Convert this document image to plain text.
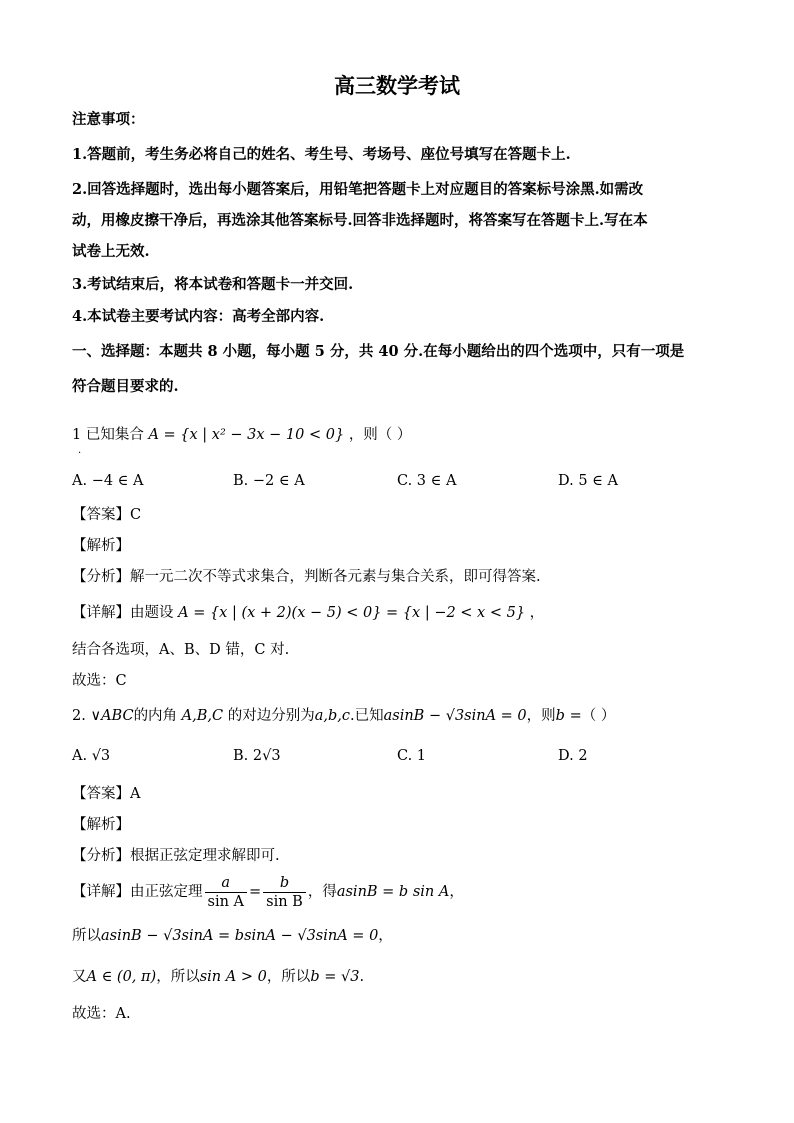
高三数学考试
注意事项：
1.答题前，考生务必将自己的姓名、考生号、考场号、座位号填写在答题卡上.
2.回答选择题时，选出每小题答案后，用铅笔把答题卡上对应题目的答案标号涂黑.如需改
动，用橡皮擦干净后，再选涂其他答案标号.回答非选择题时，将答案写在答题卡上.写在本
试卷上无效.
3.考试结束后，将本试卷和答题卡一并交回.
4.本试卷主要考试内容：高考全部内容.
一、选择题：本题共 8 小题，每小题 5 分，共 40 分.在每小题给出的四个选项中，只有一项是
符合题目要求的.
1 已知集合 A = {x | x² − 3x − 10 < 0} ，则（ ）
·
A. −4 ∈ A	B. −2 ∈ A	C. 3 ∈ A	D. 5 ∈ A
【答案】C
【解析】
【分析】解一元二次不等式求集合，判断各元素与集合关系，即可得答案.
【详解】由题设 A = {x | (x + 2)(x − 5) < 0} = {x | −2 < x < 5} ，
结合各选项，A、B、D 错，C 对.
故选：C
2. ∨ABC的内角 A,B,C 的对边分别为a,b,c.已知asinB − √3sinA = 0，则b =（ ）
A. √3	B. 2√3	C. 1	D. 2
【答案】A
【解析】
【分析】根据正弦定理求解即可.
【详解】由正弦定理 $\frac{a}{\text{sin A}} = \frac{b}{\text{sin B}}$ ，得asinB = b sin A，
所以asinB − √3sinA = bsinA − √3sinA = 0，
又A ∈ (0, π)，所以sin A > 0，所以b = √3.
故选：A.
